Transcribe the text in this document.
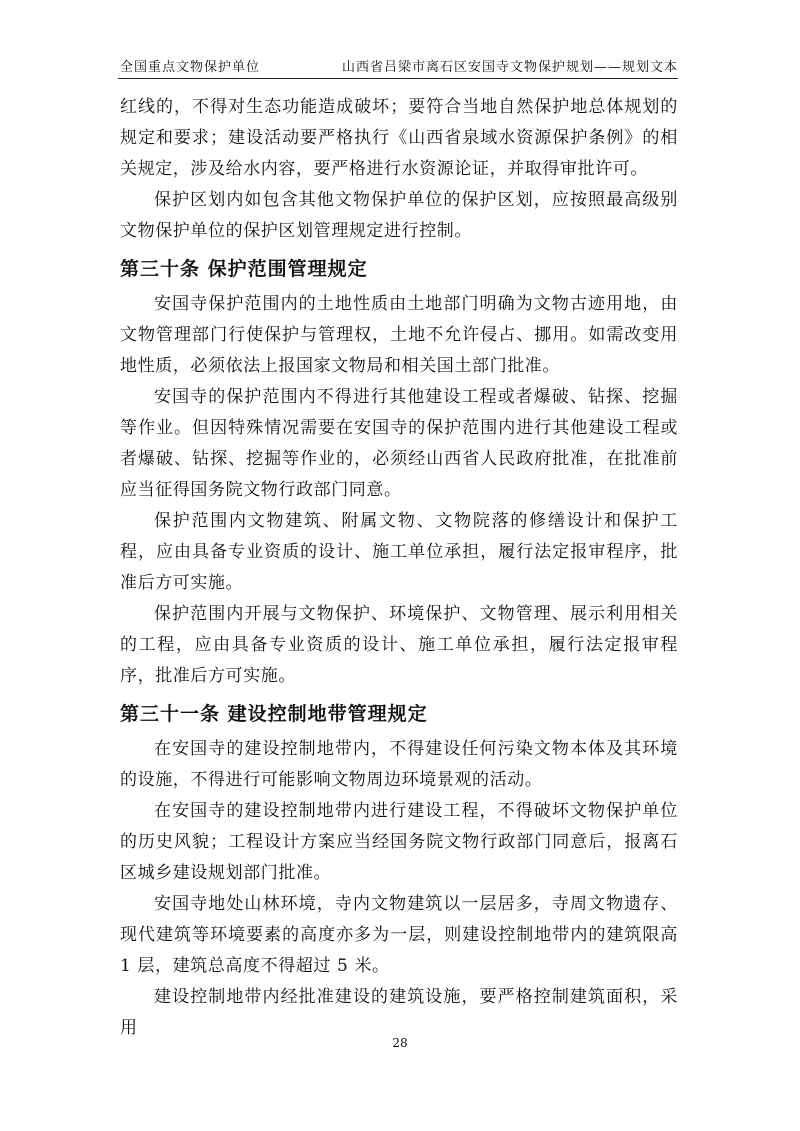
全国重点文物保护单位	山西省吕梁市离石区安国寺文物保护规划——规划文本

红线的，不得对生态功能造成破坏；要符合当地自然保护地总体规划的规定和要求；建设活动要严格执行《山西省泉域水资源保护条例》的相关规定，涉及给水内容，要严格进行水资源论证，并取得审批许可。

保护区划内如包含其他文物保护单位的保护区划，应按照最高级别文物保护单位的保护区划管理规定进行控制。

第三十条 保护范围管理规定

安国寺保护范围内的土地性质由土地部门明确为文物古迹用地，由文物管理部门行使保护与管理权，土地不允许侵占、挪用。如需改变用地性质，必须依法上报国家文物局和相关国土部门批准。

安国寺的保护范围内不得进行其他建设工程或者爆破、钻探、挖掘等作业。但因特殊情况需要在安国寺的保护范围内进行其他建设工程或者爆破、钻探、挖掘等作业的，必须经山西省人民政府批准，在批准前应当征得国务院文物行政部门同意。

保护范围内文物建筑、附属文物、文物院落的修缮设计和保护工程，应由具备专业资质的设计、施工单位承担，履行法定报审程序，批准后方可实施。

保护范围内开展与文物保护、环境保护、文物管理、展示利用相关的工程，应由具备专业资质的设计、施工单位承担，履行法定报审程序，批准后方可实施。

第三十一条 建设控制地带管理规定

在安国寺的建设控制地带内，不得建设任何污染文物本体及其环境的设施，不得进行可能影响文物周边环境景观的活动。

在安国寺的建设控制地带内进行建设工程，不得破坏文物保护单位的历史风貌；工程设计方案应当经国务院文物行政部门同意后，报离石区城乡建设规划部门批准。

安国寺地处山林环境，寺内文物建筑以一层居多，寺周文物遗存、现代建筑等环境要素的高度亦多为一层，则建设控制地带内的建筑限高 1 层，建筑总高度不得超过 5 米。

建设控制地带内经批准建设的建筑设施，要严格控制建筑面积，采用

28
